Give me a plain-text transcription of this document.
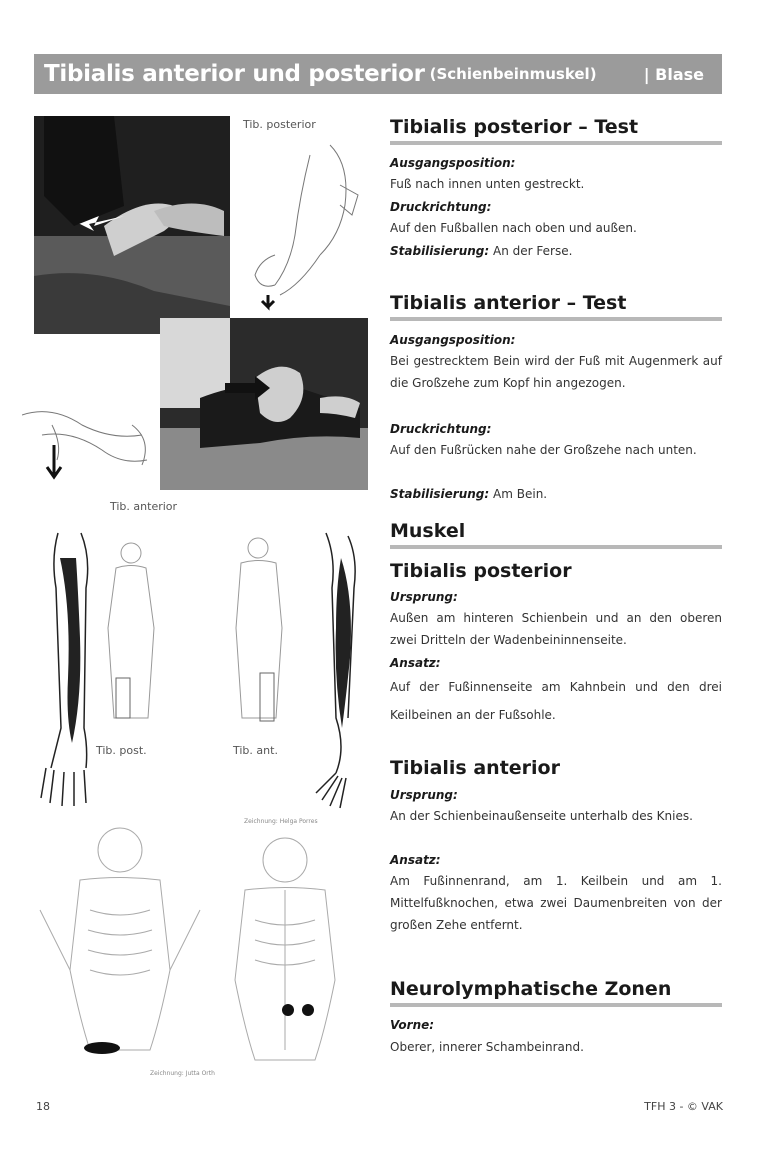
Tibialis anterior und posterior (Schienbeinmuskel)	| Blase
Tib. posterior
Tib. anterior
Tib. post.	Tib. ant.
Zeichnung: Helga Porres
Zeichnung: Jutta Orth
Tibialis posterior – Test
Ausgangsposition:
Fuß nach innen unten gestreckt.
Druckrichtung:
Auf den Fußballen nach oben und außen.
Stabilisierung: An der Ferse.
Tibialis anterior – Test
Ausgangsposition:
Bei gestrecktem Bein wird der Fuß mit Augenmerk auf die Großzehe zum Kopf hin angezogen.
Druckrichtung:
Auf den Fußrücken nahe der Großzehe nach unten.
Stabilisierung: Am Bein.
Muskel
Tibialis posterior
Ursprung:
Außen am hinteren Schienbein und an den oberen zwei Dritteln der Wadenbeininnenseite.
Ansatz:
Auf der Fußinnenseite am Kahnbein und den drei Keilbeinen an der Fußsohle.
Tibialis anterior
Ursprung:
An der Schienbeinaußenseite unterhalb des Knies.
Ansatz:
Am Fußinnenrand, am 1. Keilbein und am 1. Mittelfußknochen, etwa zwei Daumenbreiten von der großen Zehe entfernt.
Neurolymphatische Zonen
Vorne:
Oberer, innerer Schambeinrand.
18	TFH 3 - © VAK
